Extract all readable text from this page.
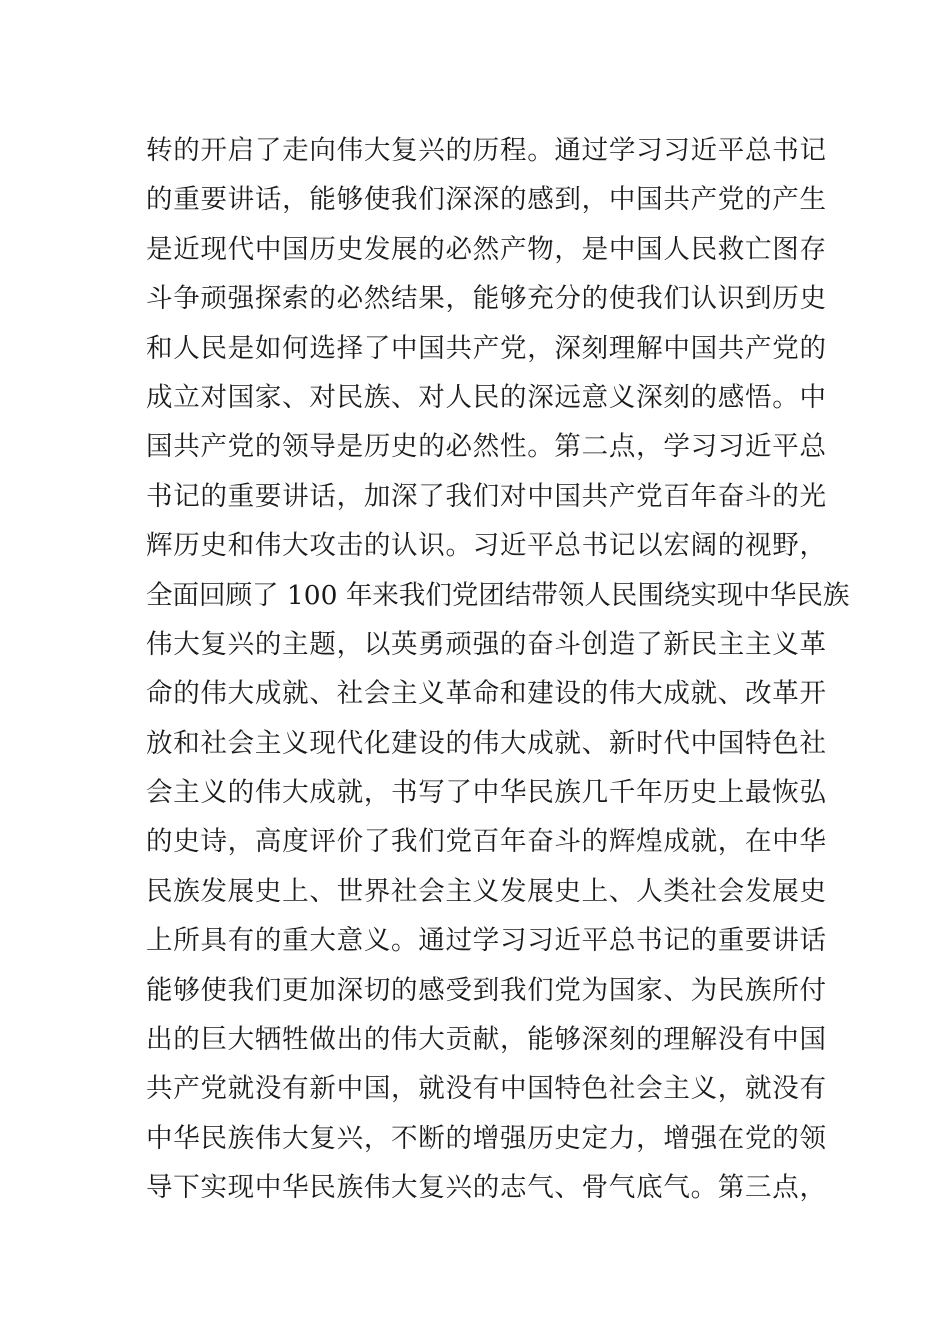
转的开启了走向伟大复兴的历程。通过学习习近平总书记
的重要讲话，能够使我们深深的感到，中国共产党的产生
是近现代中国历史发展的必然产物，是中国人民救亡图存
斗争顽强探索的必然结果，能够充分的使我们认识到历史
和人民是如何选择了中国共产党，深刻理解中国共产党的
成立对国家、对民族、对人民的深远意义深刻的感悟。中
国共产党的领导是历史的必然性。第二点，学习习近平总
书记的重要讲话，加深了我们对中国共产党百年奋斗的光
辉历史和伟大攻击的认识。习近平总书记以宏阔的视野，
全面回顾了 100 年来我们党团结带领人民围绕实现中华民族
伟大复兴的主题，以英勇顽强的奋斗创造了新民主主义革
命的伟大成就、社会主义革命和建设的伟大成就、改革开
放和社会主义现代化建设的伟大成就、新时代中国特色社
会主义的伟大成就，书写了中华民族几千年历史上最恢弘
的史诗，高度评价了我们党百年奋斗的辉煌成就，在中华
民族发展史上、世界社会主义发展史上、人类社会发展史
上所具有的重大意义。通过学习习近平总书记的重要讲话
能够使我们更加深切的感受到我们党为国家、为民族所付
出的巨大牺牲做出的伟大贡献，能够深刻的理解没有中国
共产党就没有新中国，就没有中国特色社会主义，就没有
中华民族伟大复兴，不断的增强历史定力，增强在党的领
导下实现中华民族伟大复兴的志气、骨气底气。第三点，
